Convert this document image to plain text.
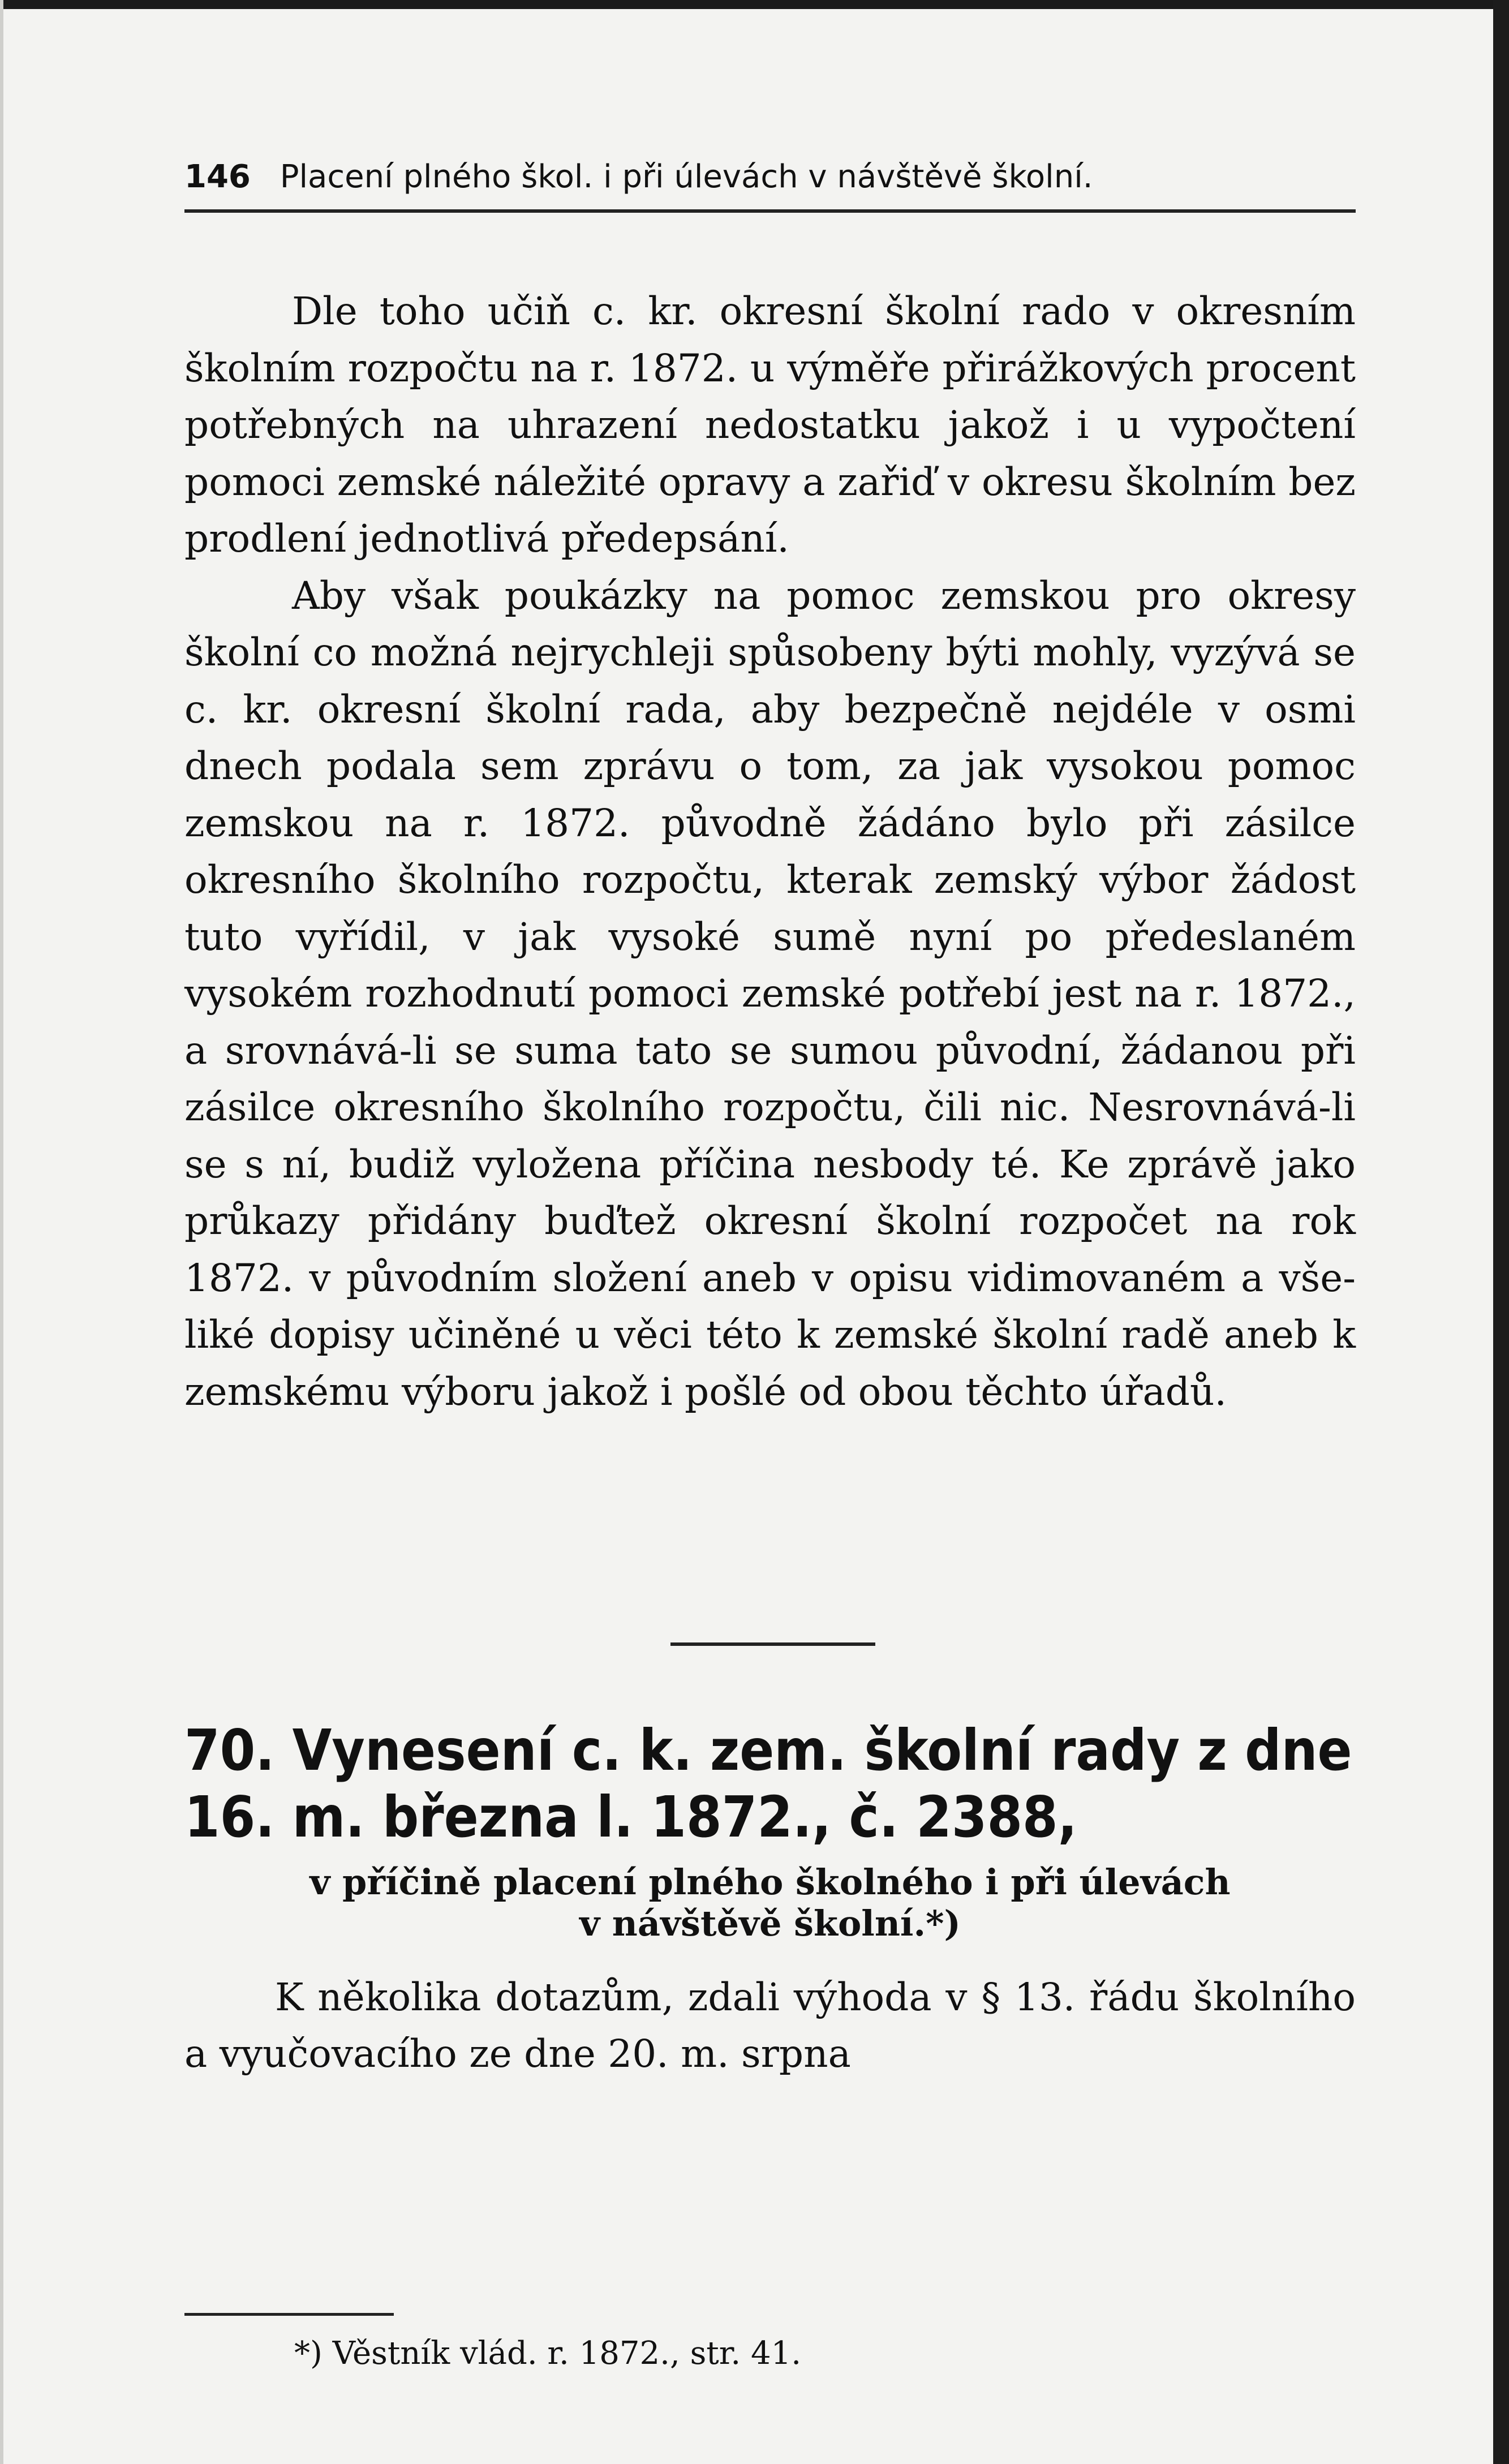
146 Placení plného škol. i při úlevách v návštěvě školní.

Dle toho učiň c. kr. okresní školní rado v okresním školním rozpočtu na r. 1872. u výměře přirážkových procent potřebných na uhrazení nedostatku jakož i u vypočtení pomoci zemské náležité opravy a zařiď v okresu školním bez prodlení jednotlivá předepsání.

Aby však poukázky na pomoc zemskou pro okresy školní co možná nejrychleji spůsobeny býti mohly, vyzývá se c. kr. okresní školní rada, aby bezpečně nejdéle v osmi dnech podala sem zprávu o tom, za jak vysokou pomoc zemskou na r. 1872. původně žádáno bylo při zásilce okresního školního rozpočtu, kterak zemský výbor žádost tuto vyřídil, v jak vysoké sumě nyní po předeslaném vysokém rozhodnutí pomoci zemské potřebí jest na r. 1872., a srovnává-li se suma tato se sumou původní, žádanou při zásilce okresního školního rozpočtu, čili nic. Nesrovnává-li se s ní, budiž vyložena příčina nesbody té. Ke zprávě jako průkazy přidány buďtež okresní školní rozpočet na rok 1872. v původním složení aneb v opisu vidimovaném a všeliké dopisy učiněné u věci této k zemské školní radě aneb k zemskému výboru jakož i pošlé od obou těchto úřadů.

70. Vynesení c. k. zem. školní rady z dne
16. m. března l. 1872., č. 2388,
v příčině placení plného školného i při úlevách
v návštěvě školní.*)

K několika dotazům, zdali výhoda v § 13. řádu školního a vyučovacího ze dne 20. m. srpna

*) Věstník vlád. r. 1872., str. 41.
